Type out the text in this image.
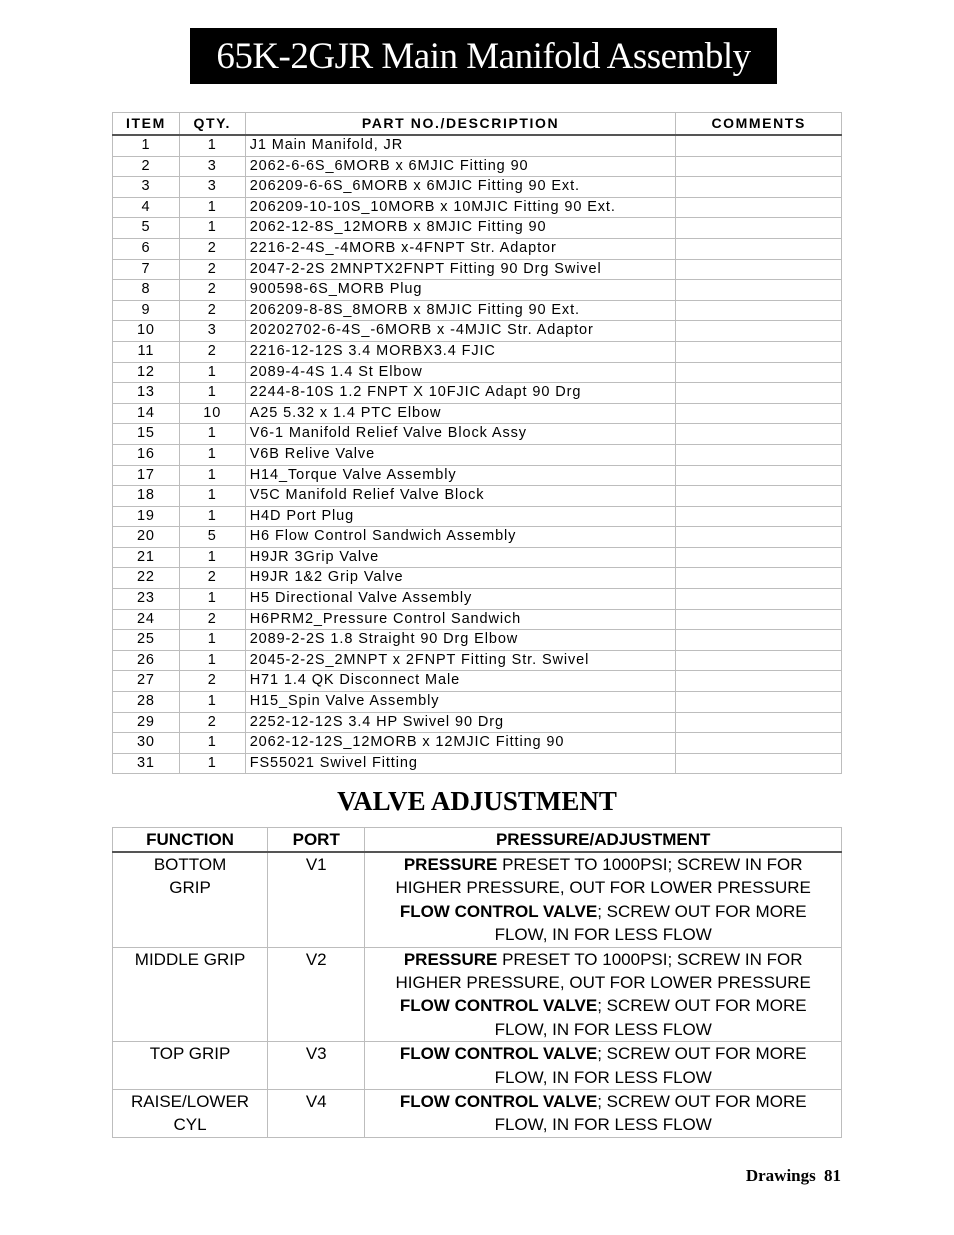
65K-2GJR Main Manifold Assembly
ITEM	QTY.	PART NO./DESCRIPTION	COMMENTS
1	1	J1 Main Manifold, JR	
2	3	2062-6-6S_6MORB x 6MJIC Fitting 90	
3	3	206209-6-6S_6MORB x 6MJIC Fitting 90 Ext.	
4	1	206209-10-10S_10MORB x 10MJIC Fitting 90 Ext.	
5	1	2062-12-8S_12MORB x 8MJIC Fitting 90	
6	2	2216-2-4S_-4MORB x-4FNPT Str. Adaptor	
7	2	2047-2-2S 2MNPTX2FNPT Fitting 90 Drg Swivel	
8	2	900598-6S_MORB Plug	
9	2	206209-8-8S_8MORB x 8MJIC Fitting 90 Ext.	
10	3	20202702-6-4S_-6MORB x -4MJIC Str. Adaptor	
11	2	2216-12-12S 3.4 MORBX3.4 FJIC	
12	1	2089-4-4S 1.4 St Elbow	
13	1	2244-8-10S 1.2 FNPT X 10FJIC Adapt 90 Drg	
14	10	A25 5.32 x 1.4 PTC Elbow	
15	1	V6-1 Manifold Relief Valve Block Assy	
16	1	V6B Relive Valve	
17	1	H14_Torque Valve Assembly	
18	1	V5C Manifold Relief Valve Block	
19	1	H4D Port Plug	
20	5	H6 Flow Control Sandwich Assembly	
21	1	H9JR 3Grip Valve	
22	2	H9JR 1&2 Grip Valve	
23	1	H5 Directional Valve Assembly	
24	2	H6PRM2_Pressure Control Sandwich	
25	1	2089-2-2S 1.8 Straight 90 Drg Elbow	
26	1	2045-2-2S_2MNPT x 2FNPT Fitting Str. Swivel	
27	2	H71 1.4 QK Disconnect Male	
28	1	H15_Spin Valve Assembly	
29	2	2252-12-12S 3.4 HP Swivel 90 Drg	
30	1	2062-12-12S_12MORB x 12MJIC Fitting 90	
31	1	FS55021 Swivel Fitting	
VALVE ADJUSTMENT
FUNCTION	PORT	PRESSURE/ADJUSTMENT
BOTTOM GRIP	V1	PRESSURE PRESET TO 1000PSI; SCREW IN FOR HIGHER PRESSURE, OUT FOR LOWER PRESSURE
FLOW CONTROL VALVE; SCREW OUT FOR MORE FLOW, IN FOR LESS FLOW

MIDDLE GRIP	V2	PRESSURE PRESET TO 1000PSI; SCREW IN FOR HIGHER PRESSURE, OUT FOR LOWER PRESSURE
FLOW CONTROL VALVE; SCREW OUT FOR MORE FLOW, IN FOR LESS FLOW

TOP GRIP	V3	FLOW CONTROL VALVE; SCREW OUT FOR MORE FLOW, IN FOR LESS FLOW

RAISE/LOWER CYL	V4	FLOW CONTROL VALVE; SCREW OUT FOR MORE FLOW, IN FOR LESS FLOW
Drawings 81
